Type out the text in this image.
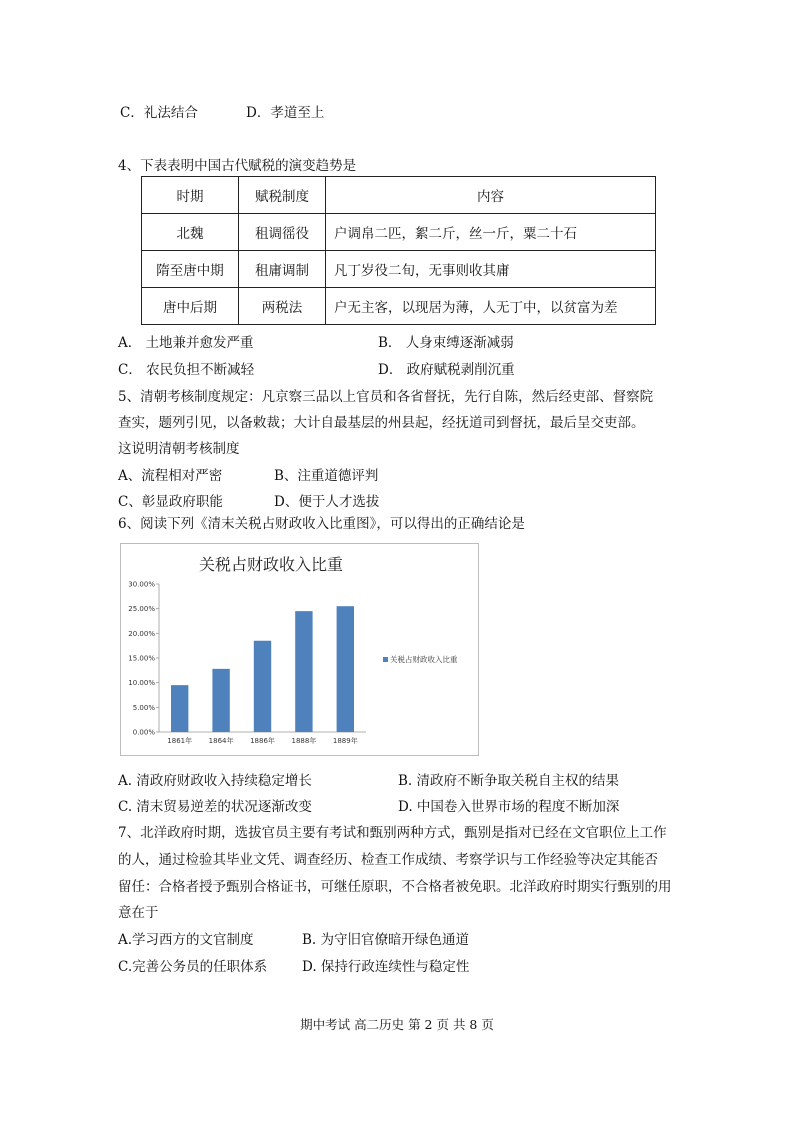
C．礼法结合	D．孝道至上
4、下表表明中国古代赋税的演变趋势是
时期	赋税制度	内容
北魏	租调徭役	户调帛二匹，絮二斤，丝一斤，粟二十石
隋至唐中期	租庸调制	凡丁岁役二旬，无事则收其庸
唐中后期	两税法	户无主客，以现居为薄，人无丁中，以贫富为差
A． 土地兼并愈发严重	B． 人身束缚逐渐减弱
C． 农民负担不断减轻	D． 政府赋税剥削沉重
5、清朝考核制度规定：凡京察三品以上官员和各省督抚，先行自陈，然后经吏部、督察院
查实，题列引见，以备敕裁；大计自最基层的州县起，经抚道司到督抚，最后呈交吏部。
这说明清朝考核制度
A、流程相对严密	B、注重道德评判
C、彰显政府职能	D、便于人才选拔
6、阅读下列《清末关税占财政收入比重图》，可以得出的正确结论是
关税占财政收入比重
0.00%
5.00%
10.00%
15.00%
20.00%
25.00%
30.00%
1861年 1864年 1886年 1888年 1889年
关税占财政收入比重
A. 清政府财政收入持续稳定增长	B. 清政府不断争取关税自主权的结果
C. 清末贸易逆差的状况逐渐改变	D. 中国卷入世界市场的程度不断加深
7、北洋政府时期，选拔官员主要有考试和甄别两种方式，甄别是指对已经在文官职位上工作
的人，通过检验其毕业文凭、调查经历、检查工作成绩、考察学识与工作经验等决定其能否
留任：合格者授予甄别合格证书，可继任原职，不合格者被免职。北洋政府时期实行甄别的用
意在于
A.学习西方的文官制度	B. 为守旧官僚暗开绿色通道
C.完善公务员的任职体系	D. 保持行政连续性与稳定性
期中考试 高二历史 第 2 页 共 8 页
